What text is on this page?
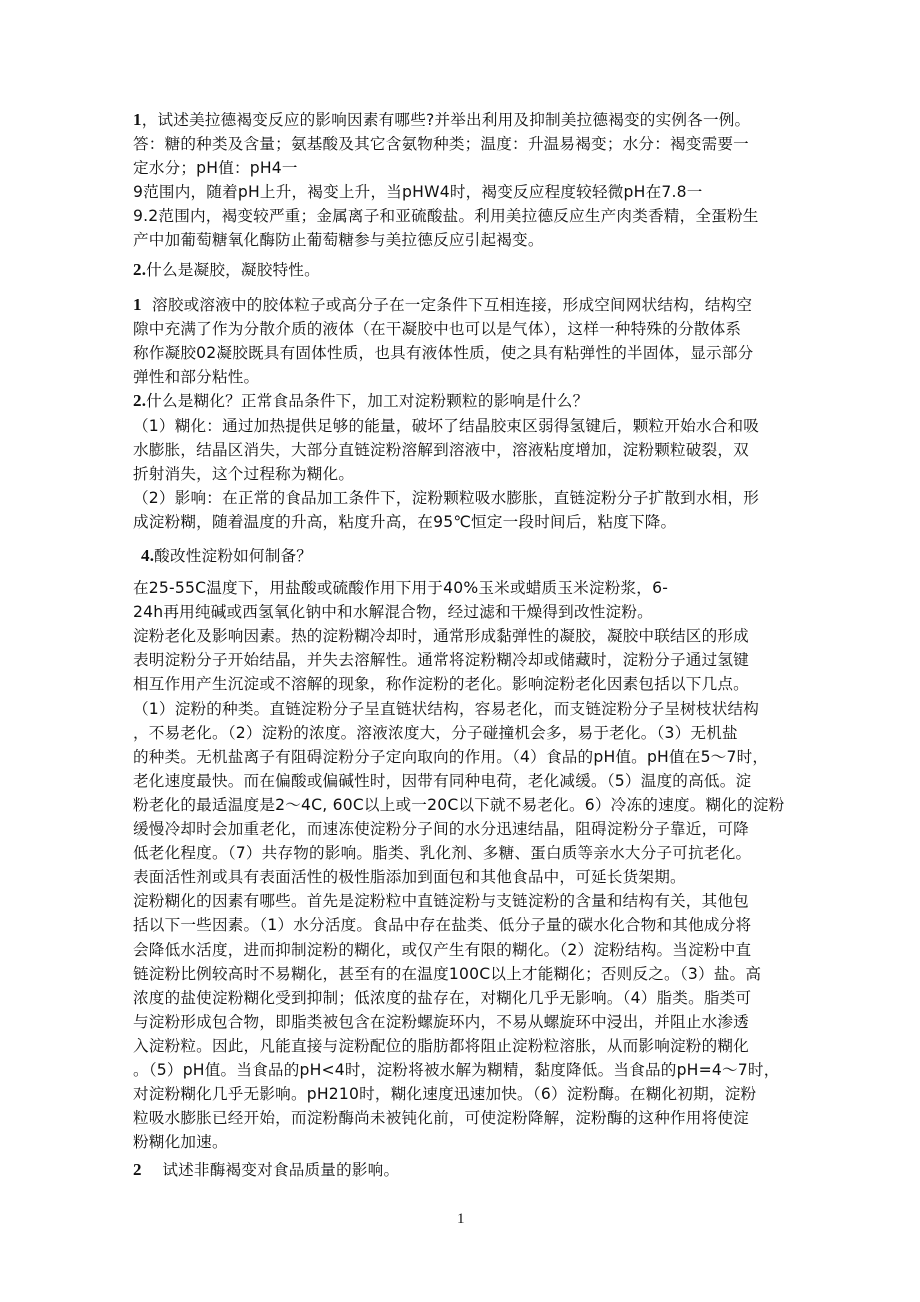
1，试述美拉德褐变反应的影响因素有哪些?并举出利用及抑制美拉德褐变的实例各一例。
答：糖的种类及含量；氨基酸及其它含氨物种类；温度：升温易褐变；水分：褐变需要一
定水分；pH值：pH4一
9范围内，随着pH上升，褐变上升，当pHW4时，褐变反应程度较轻微pH在7.8一
9.2范围内，褐变较严重；金属离子和亚硫酸盐。利用美拉德反应生产肉类香精，全蛋粉生
产中加葡萄糖氧化酶防止葡萄糖参与美拉德反应引起褐变。
2.什么是凝胶，凝胶特性。
1 溶胶或溶液中的胶体粒子或高分子在一定条件下互相连接，形成空间网状结构，结构空
隙中充满了作为分散介质的液体（在干凝胶中也可以是气体），这样一种特殊的分散体系
称作凝胶02凝胶既具有固体性质，也具有液体性质，使之具有粘弹性的半固体，显示部分
弹性和部分粘性。
2.什么是糊化？正常食品条件下，加工对淀粉颗粒的影响是什么？
（1）糊化：通过加热提供足够的能量，破坏了结晶胶束区弱得氢键后，颗粒开始水合和吸
水膨胀，结晶区消失，大部分直链淀粉溶解到溶液中，溶液粘度增加，淀粉颗粒破裂，双
折射消失，这个过程称为糊化。
（2）影响：在正常的食品加工条件下，淀粉颗粒吸水膨胀，直链淀粉分子扩散到水相，形
成淀粉糊，随着温度的升高，粘度升高，在95℃恒定一段时间后，粘度下降。
4.酸改性淀粉如何制备？
在25-55C温度下，用盐酸或硫酸作用下用于40%玉米或蜡质玉米淀粉浆，6-
24h再用纯碱或西氢氧化钠中和水解混合物，经过滤和干燥得到改性淀粉。
淀粉老化及影响因素。热的淀粉糊冷却时，通常形成黏弹性的凝胶，凝胶中联结区的形成
表明淀粉分子开始结晶，并失去溶解性。通常将淀粉糊冷却或储藏时，淀粉分子通过氢键
相互作用产生沉淀或不溶解的现象，称作淀粉的老化。影响淀粉老化因素包括以下几点。
（1）淀粉的种类。直链淀粉分子呈直链状结构，容易老化，而支链淀粉分子呈树枝状结构
，不易老化。（2）淀粉的浓度。溶液浓度大，分子碰撞机会多，易于老化。（3）无机盐
的种类。无机盐离子有阻碍淀粉分子定向取向的作用。（4）食品的pH值。pH值在5～7时，
老化速度最快。而在偏酸或偏碱性时，因带有同种电荷，老化减缓。（5）温度的高低。淀
粉老化的最适温度是2～4C, 60C以上或一20C以下就不易老化。6）冷冻的速度。糊化的淀粉
缓慢冷却时会加重老化，而速冻使淀粉分子间的水分迅速结晶，阻碍淀粉分子靠近，可降
低老化程度。（7）共存物的影响。脂类、乳化剂、多糖、蛋白质等亲水大分子可抗老化。
表面活性剂或具有表面活性的极性脂添加到面包和其他食品中，可延长货架期。
淀粉糊化的因素有哪些。首先是淀粉粒中直链淀粉与支链淀粉的含量和结构有关，其他包
括以下一些因素。（1）水分活度。食品中存在盐类、低分子量的碳水化合物和其他成分将
会降低水活度，进而抑制淀粉的糊化，或仅产生有限的糊化。（2）淀粉结构。当淀粉中直
链淀粉比例较高时不易糊化，甚至有的在温度100C以上才能糊化；否则反之。（3）盐。高
浓度的盐使淀粉糊化受到抑制；低浓度的盐存在，对糊化几乎无影响。（4）脂类。脂类可
与淀粉形成包合物，即脂类被包含在淀粉螺旋环内，不易从螺旋环中浸出，并阻止水渗透
入淀粉粒。因此，凡能直接与淀粉配位的脂肪都将阻止淀粉粒溶胀，从而影响淀粉的糊化
。（5）pH值。当食品的pH<4时，淀粉将被水解为糊精，黏度降低。当食品的pH=4～7时，
对淀粉糊化几乎无影响。pH210时，糊化速度迅速加快。（6）淀粉酶。在糊化初期，淀粉
粒吸水膨胀已经开始，而淀粉酶尚未被钝化前，可使淀粉降解，淀粉酶的这种作用将使淀
粉糊化加速。
2 试述非酶褐变对食品质量的影响。
1
